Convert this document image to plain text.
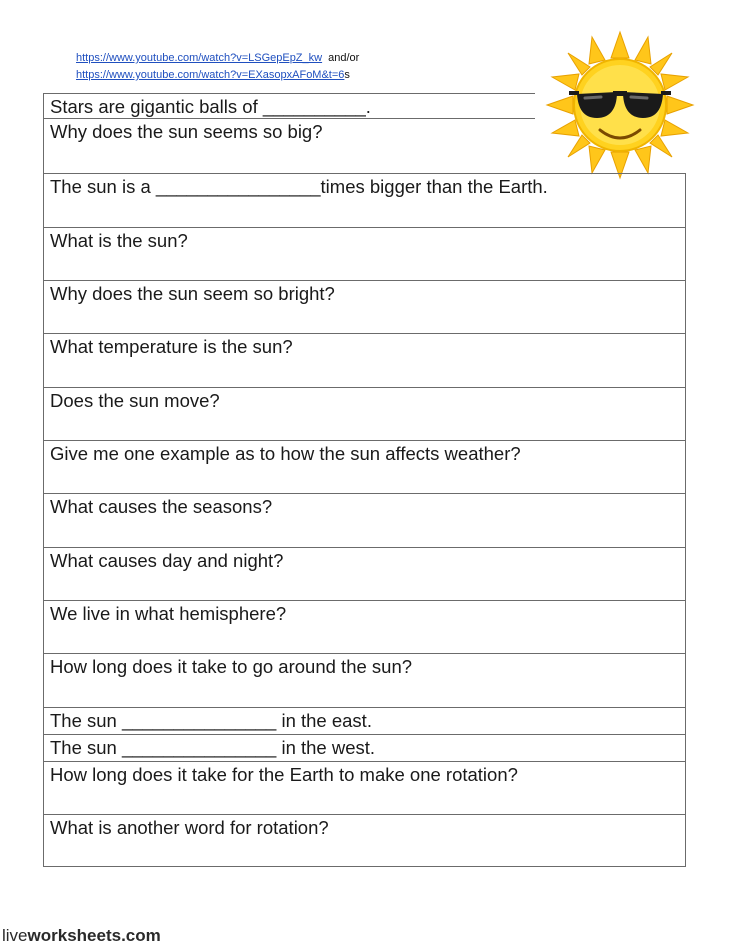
https://www.youtube.com/watch?v=LSGepEpZ_kw and/or
https://www.youtube.com/watch?v=EXasopxAFoM&t=6s
Stars are gigantic balls of __________.
Why does the sun seems so big?
The sun is a ________________times bigger than the Earth.
What is the sun?
Why does the sun seem so bright?
What temperature is the sun?
Does the sun move?
Give me one example as to how the sun affects weather?
What causes the seasons?
What causes day and night?
We live in what hemisphere?
How long does it take to go around the sun?
The sun _______________ in the east.
The sun _______________ in the west.
How long does it take for the Earth to make one rotation?
What is another word for rotation?
liveworksheets.com
